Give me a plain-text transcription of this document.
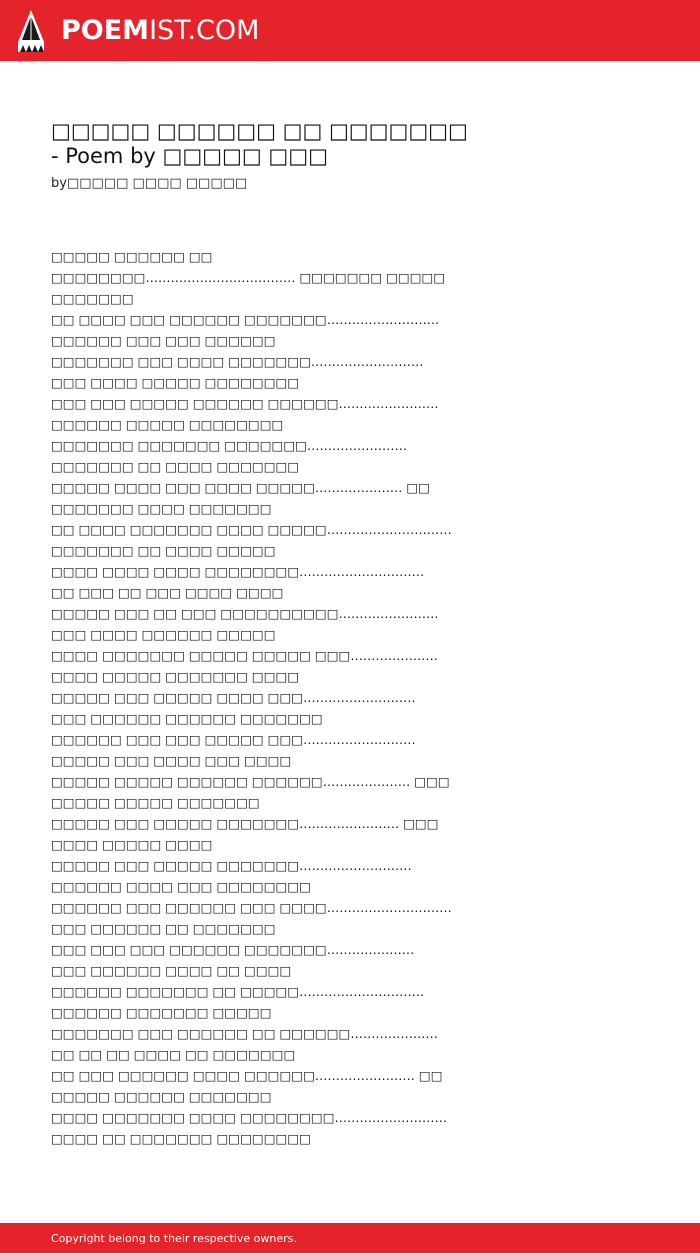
POEMIST.COM
□□□□□ □□□□□□ □□ □□□□□□□ - Poem by □□□□□ □□□
by□□□□□ □□□□ □□□□□
□□□□□ □□□□□□ □□
□□□□□□□□……………………………… □□□□□□□ □□□□□
□□□□□□□
□□ □□□□ □□□ □□□□□□ □□□□□□□………………………
□□□□□□ □□□ □□□ □□□□□□
□□□□□□□ □□□ □□□□ □□□□□□□………………………
□□□ □□□□ □□□□□ □□□□□□□□
□□□ □□□ □□□□□ □□□□□□ □□□□□□……………………
□□□□□□ □□□□□ □□□□□□□□
□□□□□□□ □□□□□□□ □□□□□□□……………………
□□□□□□□ □□ □□□□ □□□□□□□
□□□□□ □□□□ □□□ □□□□ □□□□□………………… □□
□□□□□□□ □□□□ □□□□□□□
□□ □□□□ □□□□□□□ □□□□ □□□□□…………………………
□□□□□□□ □□ □□□□ □□□□□
□□□□ □□□□ □□□□ □□□□□□□□…………………………
□□ □□□ □□ □□□ □□□□ □□□□
□□□□□ □□□ □□ □□□ □□□□□□□□□□……………………
□□□ □□□□ □□□□□□ □□□□□
□□□□ □□□□□□□ □□□□□ □□□□□ □□□…………………
□□□□ □□□□□ □□□□□□□ □□□□
□□□□□ □□□ □□□□□ □□□□ □□□………………………
□□□ □□□□□□ □□□□□□ □□□□□□□
□□□□□□ □□□ □□□ □□□□□ □□□………………………
□□□□□ □□□ □□□□ □□□ □□□□
□□□□□ □□□□□ □□□□□□ □□□□□□………………… □□□
□□□□□ □□□□□ □□□□□□□
□□□□□ □□□ □□□□□ □□□□□□□…………………… □□□
□□□□ □□□□□ □□□□
□□□□□ □□□ □□□□□ □□□□□□□………………………
□□□□□□ □□□□ □□□ □□□□□□□□
□□□□□□ □□□ □□□□□□ □□□ □□□□…………………………
□□□ □□□□□□ □□ □□□□□□□
□□□ □□□ □□□ □□□□□□ □□□□□□□…………………
□□□ □□□□□□ □□□□ □□ □□□□
□□□□□□ □□□□□□□ □□ □□□□□…………………………
□□□□□□ □□□□□□□ □□□□□
□□□□□□□ □□□ □□□□□□ □□ □□□□□□…………………
□□ □□ □□ □□□□ □□ □□□□□□□
□□ □□□ □□□□□□ □□□□ □□□□□□…………………… □□
□□□□□ □□□□□□ □□□□□□□
□□□□ □□□□□□□ □□□□ □□□□□□□□………………………
□□□□ □□ □□□□□□□ □□□□□□□□
Copyright belong to their respective owners.
